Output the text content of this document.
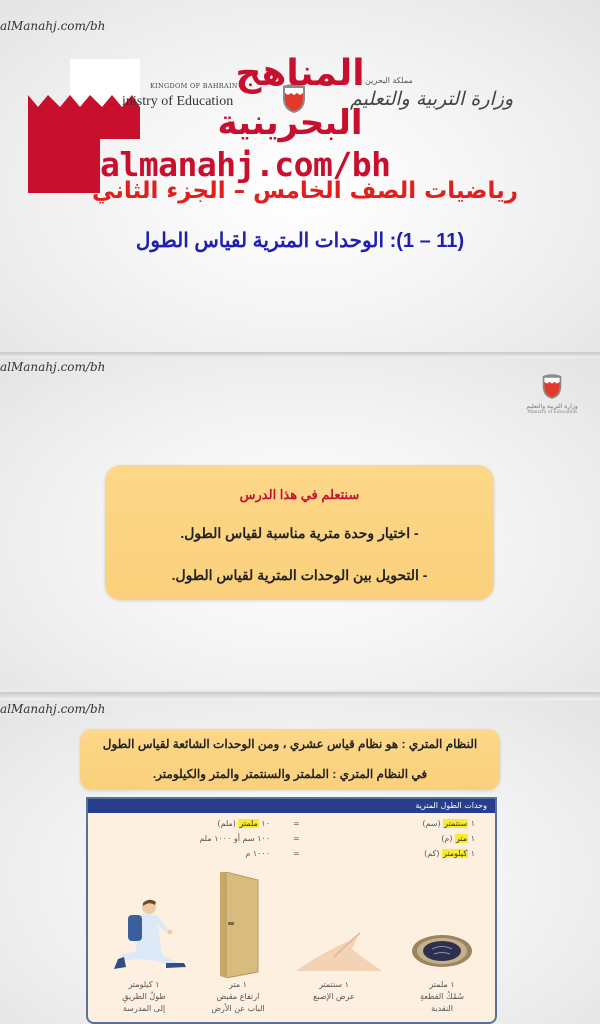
alManahj.com/bh
KINGDOM OF BAHRAIN
inistry of Education
مملكة البحرين
وزارة التربية والتعليم
المناهج
البحرينية
almanahj.com/bh
رياضيات الصف الخامس – الجزء الثاني
(11 – 1): الوحدات المترية لقياس الطول
alManahj.com/bh
وزارة التربية والتعليم
Ministry of Education
سنتعلم في هذا الدرس
- اختيار وحدة مترية مناسبة لقياس الطول.
- التحويل بين الوحدات المترية لقياس الطول.
alManahj.com/bh
النظام المتري : هو نظام قياس عشري ، ومن الوحدات الشائعة لقياس الطول
في النظام المتري : الملمتر والسنتمتر والمتر والكيلومتر.
وحدات الطول المترية
١ سنتمتر (سم)
=
١٠ ملمتر (ملم)
١ متر (م)
=
١٠٠ سم أو ١٠٠٠ ملم
١ كيلومتر (كم)
=
١٠٠٠ م
١ ملمتر
سُمْكُ القطعةِ
النقدية
١ سنتمتر
عرض الإصبع
١ متر
ارتفاع مقبض
الباب عن الأرض
١ كيلومتر
طولُ الطريقِ
إلى المدرسة
